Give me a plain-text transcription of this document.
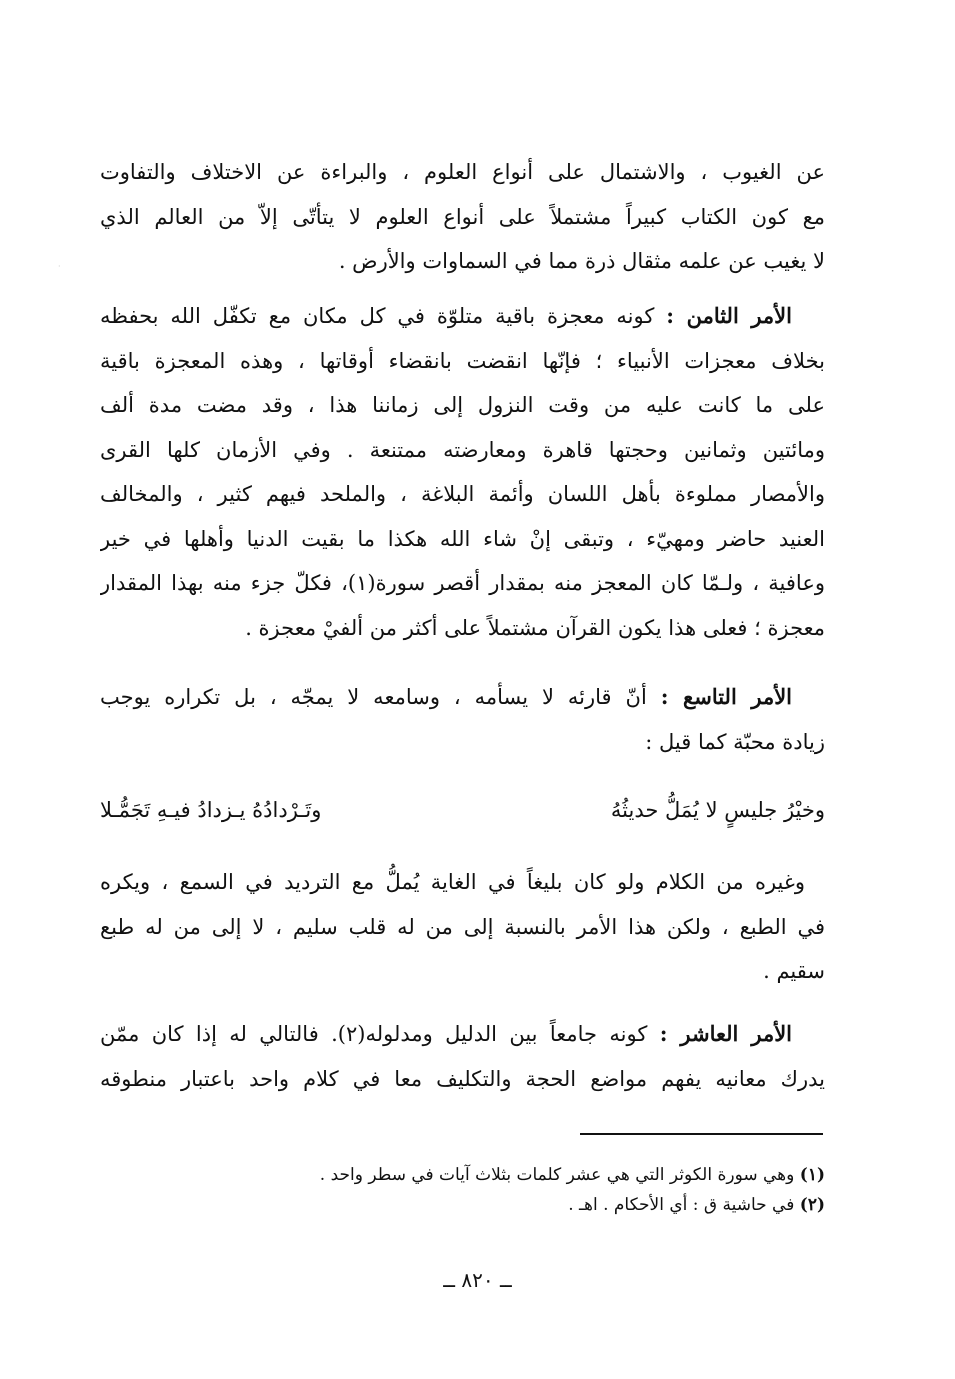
·
عن الغيوب ، والاشتمال على أنواع العلوم ، والبراءة عن الاختلاف والتفاوت
مع كون الكتاب كبيراً مشتملاً على أنواع العلوم لا يتأتّى إلاّ من العالم الذي
لا يغيب عن علمه مثقال ذرة مما في السماوات والأرض .
الأمر الثامن : كونه معجزة باقية متلوّة في كل مكان مع تكفّل الله بحفظه
بخلاف معجزات الأنبياء ؛ فإنّها انقضت بانقضاء أوقاتها ، وهذه المعجزة باقية
على ما كانت عليه من وقت النزول إلى زماننا هذا ، وقد مضت مدة ألف
ومائتين وثمانين وحجتها قاهرة ومعارضته ممتنعة . وفي الأزمان كلها القرى
والأمصار مملوءة بأهل اللسان وأئمة البلاغة ، والملحد فيهم كثير ، والمخالف
العنيد حاضر ومهيّء ، وتبقى إنْ شاء الله هكذا ما بقيت الدنيا وأهلها في خير
وعافية ، ولـمّا كان المعجز منه بمقدار أقصر سورة(١)، فكلّ جزء منه بهذا المقدار
معجزة ؛ فعلى هذا يكون القرآن مشتملاً على أكثر من ألفيْ معجزة .
الأمر التاسع : أنّ قارئه لا يسأمه ، وسامعه لا يمجّه ، بل تكراره يوجب
زيادة محبّة كما قيل :
وخيْرُ جليسٍ لا يُمَلُّ حديثُهُ
وتَـرْدادُهُ يـزدادُ فيـهِ تَجَمُّـلا
وغيره من الكلام ولو كان بليغاً في الغاية يُملُّ مع الترديد في السمع ، ويكره
في الطبع ، ولكن هذا الأمر بالنسبة إلى من له قلب سليم ، لا إلى من له طبع
سقيم .
الأمر العاشر : كونه جامعاً بين الدليل ومدلوله(٢). فالتالي له إذا كان ممّن
يدرك معانيه يفهم مواضع الحجة والتكليف معا في كلام واحد باعتبار منطوقه
(١) وهي سورة الكوثر التي هي عشر كلمات بثلاث آيات في سطر واحد .
(٢) في حاشية ق : أي الأحكام . اهـ .
ــ ٨٢٠ ــ
